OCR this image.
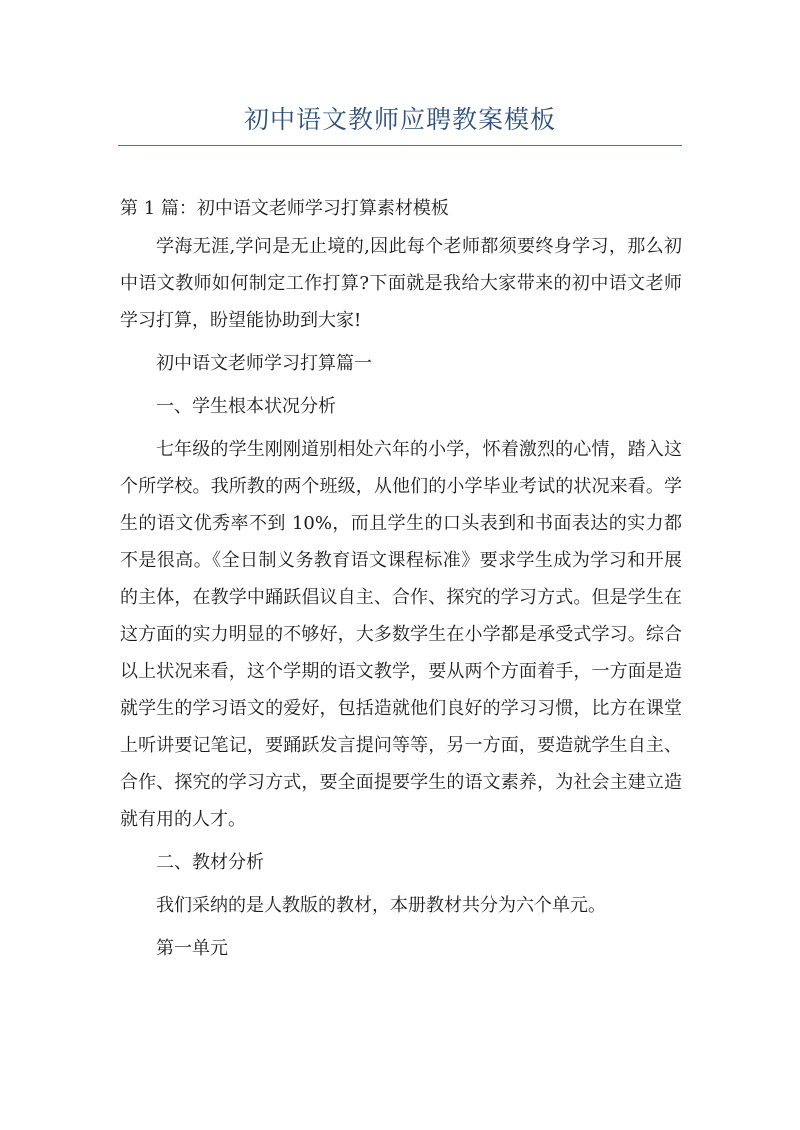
初中语文教师应聘教案模板

第 1 篇：初中语文老师学习打算素材模板

学海无涯,学问是无止境的,因此每个老师都须要终身学习，那么初中语文教师如何制定工作打算?下面就是我给大家带来的初中语文老师学习打算，盼望能协助到大家!

初中语文老师学习打算篇一

一、学生根本状况分析

七年级的学生刚刚道别相处六年的小学，怀着激烈的心情，踏入这个所学校。我所教的两个班级，从他们的小学毕业考试的状况来看。学生的语文优秀率不到 10%，而且学生的口头表到和书面表达的实力都不是很高。《全日制义务教育语文课程标准》要求学生成为学习和开展的主体，在教学中踊跃倡议自主、合作、探究的学习方式。但是学生在这方面的实力明显的不够好，大多数学生在小学都是承受式学习。综合以上状况来看，这个学期的语文教学，要从两个方面着手，一方面是造就学生的学习语文的爱好，包括造就他们良好的学习习惯，比方在课堂上听讲要记笔记，要踊跃发言提问等等，另一方面，要造就学生自主、合作、探究的学习方式，要全面提要学生的语文素养，为社会主建立造就有用的人才。

二、教材分析

我们采纳的是人教版的教材，本册教材共分为六个单元。

第一单元
